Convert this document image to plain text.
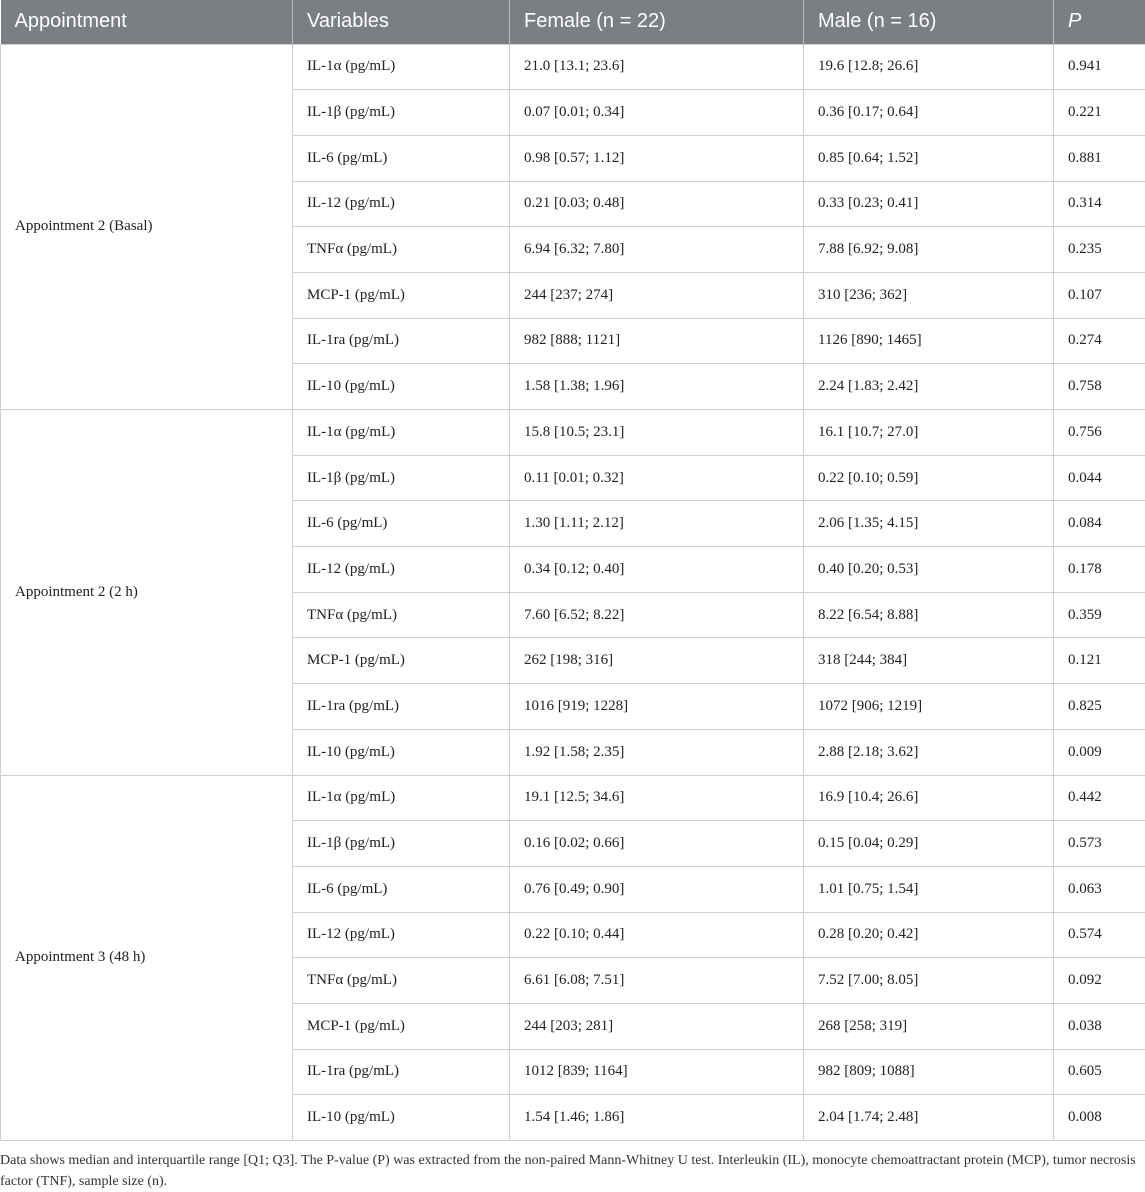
Appointment	Variables	Female (n = 22)	Male (n = 16)	P
Appointment 2 (Basal)	IL-1α (pg/mL)	21.0 [13.1; 23.6]	19.6 [12.8; 26.6]	0.941
	IL-1β (pg/mL)	0.07 [0.01; 0.34]	0.36 [0.17; 0.64]	0.221
	IL-6 (pg/mL)	0.98 [0.57; 1.12]	0.85 [0.64; 1.52]	0.881
	IL-12 (pg/mL)	0.21 [0.03; 0.48]	0.33 [0.23; 0.41]	0.314
	TNFα (pg/mL)	6.94 [6.32; 7.80]	7.88 [6.92; 9.08]	0.235
	MCP-1 (pg/mL)	244 [237; 274]	310 [236; 362]	0.107
	IL-1ra (pg/mL)	982 [888; 1121]	1126 [890; 1465]	0.274
	IL-10 (pg/mL)	1.58 [1.38; 1.96]	2.24 [1.83; 2.42]	0.758
Appointment 2 (2 h)	IL-1α (pg/mL)	15.8 [10.5; 23.1]	16.1 [10.7; 27.0]	0.756
	IL-1β (pg/mL)	0.11 [0.01; 0.32]	0.22 [0.10; 0.59]	0.044
	IL-6 (pg/mL)	1.30 [1.11; 2.12]	2.06 [1.35; 4.15]	0.084
	IL-12 (pg/mL)	0.34 [0.12; 0.40]	0.40 [0.20; 0.53]	0.178
	TNFα (pg/mL)	7.60 [6.52; 8.22]	8.22 [6.54; 8.88]	0.359
	MCP-1 (pg/mL)	262 [198; 316]	318 [244; 384]	0.121
	IL-1ra (pg/mL)	1016 [919; 1228]	1072 [906; 1219]	0.825
	IL-10 (pg/mL)	1.92 [1.58; 2.35]	2.88 [2.18; 3.62]	0.009
Appointment 3 (48 h)	IL-1α (pg/mL)	19.1 [12.5; 34.6]	16.9 [10.4; 26.6]	0.442
	IL-1β (pg/mL)	0.16 [0.02; 0.66]	0.15 [0.04; 0.29]	0.573
	IL-6 (pg/mL)	0.76 [0.49; 0.90]	1.01 [0.75; 1.54]	0.063
	IL-12 (pg/mL)	0.22 [0.10; 0.44]	0.28 [0.20; 0.42]	0.574
	TNFα (pg/mL)	6.61 [6.08; 7.51]	7.52 [7.00; 8.05]	0.092
	MCP-1 (pg/mL)	244 [203; 281]	268 [258; 319]	0.038
	IL-1ra (pg/mL)	1012 [839; 1164]	982 [809; 1088]	0.605
	IL-10 (pg/mL)	1.54 [1.46; 1.86]	2.04 [1.74; 2.48]	0.008
Data shows median and interquartile range [Q1; Q3]. The P-value (P) was extracted from the non-paired Mann-Whitney U test. Interleukin (IL), monocyte chemoattractant protein (MCP), tumor necrosis factor (TNF), sample size (n).
